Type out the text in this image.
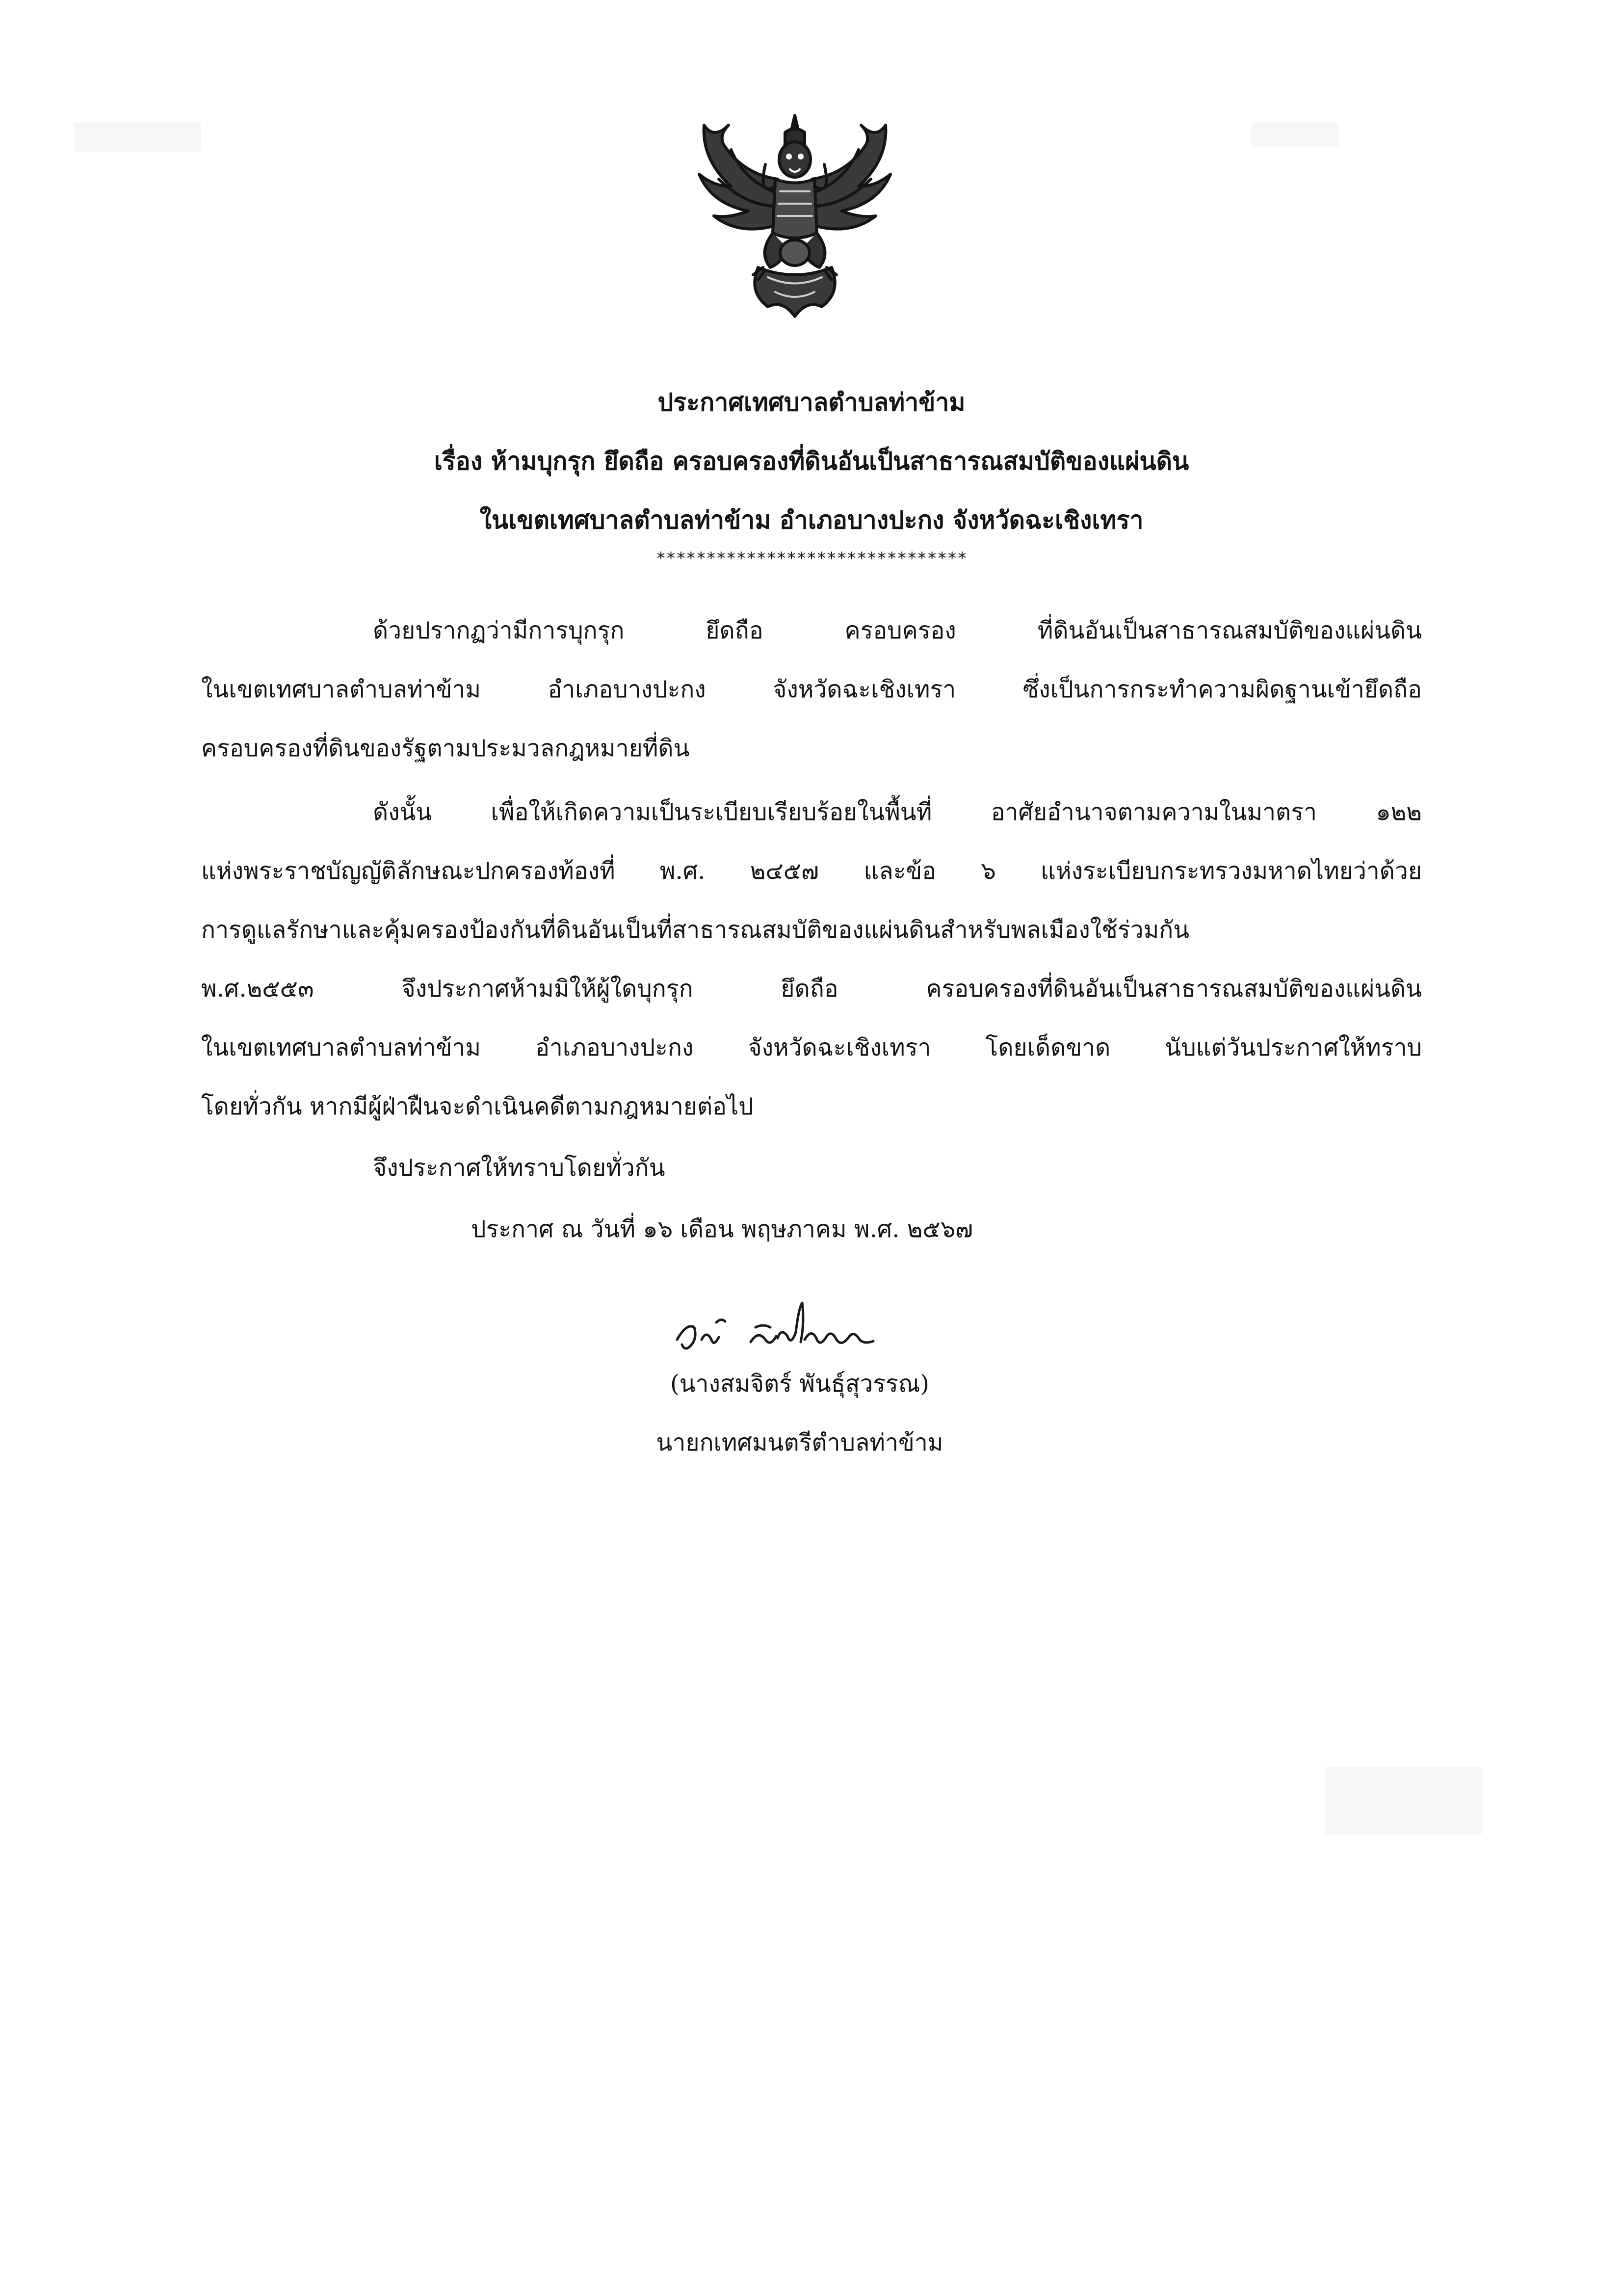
ประกาศเทศบาลตำบลท่าข้าม
เรื่อง ห้ามบุกรุก ยึดถือ ครอบครองที่ดินอันเป็นสาธารณสมบัติของแผ่นดิน
ในเขตเทศบาลตำบลท่าข้าม อำเภอบางปะกง จังหวัดฉะเชิงเทรา
*******************************
ด้วยปรากฏว่ามีการบุกรุก ยึดถือ ครอบครอง ที่ดินอันเป็นสาธารณสมบัติของแผ่นดิน
ในเขตเทศบาลตำบลท่าข้าม อำเภอบางปะกง จังหวัดฉะเชิงเทรา ซึ่งเป็นการกระทำความผิดฐานเข้ายึดถือ
ครอบครองที่ดินของรัฐตามประมวลกฎหมายที่ดิน
ดังนั้น เพื่อให้เกิดความเป็นระเบียบเรียบร้อยในพื้นที่ อาศัยอำนาจตามความในมาตรา ๑๒๒
แห่งพระราชบัญญัติลักษณะปกครองท้องที่ พ.ศ. ๒๔๕๗ และข้อ ๖ แห่งระเบียบกระทรวงมหาดไทยว่าด้วย
การดูแลรักษาและคุ้มครองป้องกันที่ดินอันเป็นที่สาธารณสมบัติของแผ่นดินสำหรับพลเมืองใช้ร่วมกัน
พ.ศ.๒๕๕๓ จึงประกาศห้ามมิให้ผู้ใดบุกรุก ยึดถือ ครอบครองที่ดินอันเป็นสาธารณสมบัติของแผ่นดิน
ในเขตเทศบาลตำบลท่าข้าม อำเภอบางปะกง จังหวัดฉะเชิงเทรา โดยเด็ดขาด นับแต่วันประกาศให้ทราบ
โดยทั่วกัน หากมีผู้ฝ่าฝืนจะดำเนินคดีตามกฎหมายต่อไป
จึงประกาศให้ทราบโดยทั่วกัน
ประกาศ ณ วันที่ ๑๖ เดือน พฤษภาคม พ.ศ. ๒๕๖๗
(นางสมจิตร์ พันธุ์สุวรรณ)
นายกเทศมนตรีตำบลท่าข้าม
